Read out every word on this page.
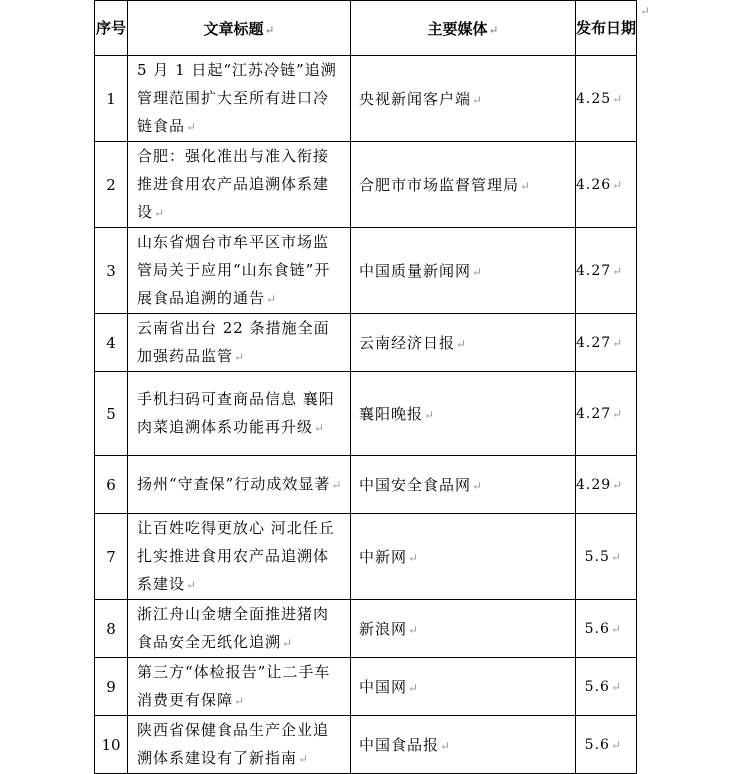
序号	文章标题↵	主要媒体↵	发布日期

1	5 月 1 日起“江苏冷链”追溯管理范围扩大至所有进口冷链食品↵	央视新闻客户端↵	4.25↵

2	合肥：强化准出与准入衔接 推进食用农产品追溯体系建设↵	合肥市市场监督管理局↵	4.26↵

3	山东省烟台市牟平区市场监管局关于应用“山东食链”开展食品追溯的通告↵	中国质量新闻网↵	4.27↵

4	云南省出台 22 条措施全面加强药品监管↵	云南经济日报↵	4.27↵

5	手机扫码可查商品信息 襄阳肉菜追溯体系功能再升级↵	襄阳晚报↵	4.27↵

6	扬州“守查保”行动成效显著↵	中国安全食品网↵	4.29↵

7	让百姓吃得更放心 河北任丘扎实推进食用农产品追溯体系建设↵	中新网↵	5.5↵

8	浙江舟山金塘全面推进猪肉食品安全无纸化追溯↵	新浪网↵	5.6↵

9	第三方“体检报告”让二手车消费更有保障↵	中国网↵	5.6↵

10	陕西省保健食品生产企业追溯体系建设有了新指南↵	中国食品报↵	5.6↵
↵
